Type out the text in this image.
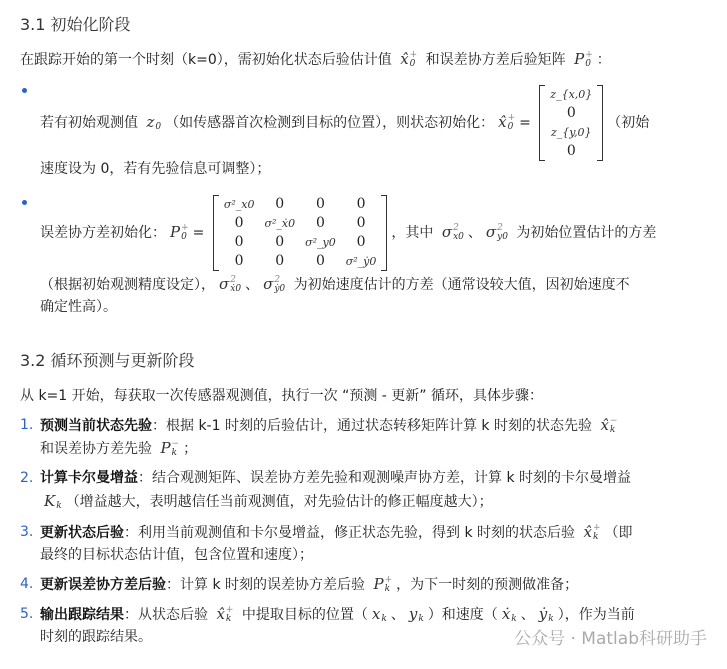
3.1 初始化阶段
在跟踪开始的第一个时刻（k=0），需初始化状态后验估计值 x̂ +
0 和误差协方差后验矩阵 P +
0 ：
若有初始观测值 z
0 （如传感器首次检测到目标的位置），则状态初始化： x̂ +
0 =
z_{x,0}
0
z_{y,0}
0
（初始
速度设为 0，若有先验信息可调整）；
误差协方差初始化： P +
0 =
σ²_x0	0	0	0
0	σ²_ẋ0	0	0
0	0	σ²_y0	0
0	0	0	σ²_ẏ0
，其中 σ 2
x0 、 σ 2
y0 为初始位置估计的方差
（根据初始观测精度设定）， σ 2
ẋ0 、 σ 2
ẏ0 为初始速度估计的方差（通常设较大值，因初始速度不
确定性高）。
3.2 循环预测与更新阶段
从 k=1 开始，每获取一次传感器观测值，执行一次 “预测 - 更新” 循环，具体步骤：
1. 预测当前状态先验：根据 k-1 时刻的后验估计，通过状态转移矩阵计算 k 时刻的状态先验 x̂ −
k
和误差协方差先验 P −
k ；
2. 计算卡尔曼增益：结合观测矩阵、误差协方差先验和观测噪声协方差，计算 k 时刻的卡尔曼增益
K
k （增益越大，表明越信任当前观测值，对先验估计的修正幅度越大）；
3. 更新状态后验：利用当前观测值和卡尔曼增益，修正状态先验，得到 k 时刻的状态后验 x̂ +
k （即
最终的目标状态估计值，包含位置和速度）；
4. 更新误差协方差后验：计算 k 时刻的误差协方差后验 P +
k ，为下一时刻的预测做准备；
5. 输出跟踪结果：从状态后验 x̂ +
k 中提取目标的位置（ x
k 、 y
k ）和速度（ ẋ
k 、 ẏ
k ），作为当前
时刻的跟踪结果。	公众号 · Matlab科研助手
